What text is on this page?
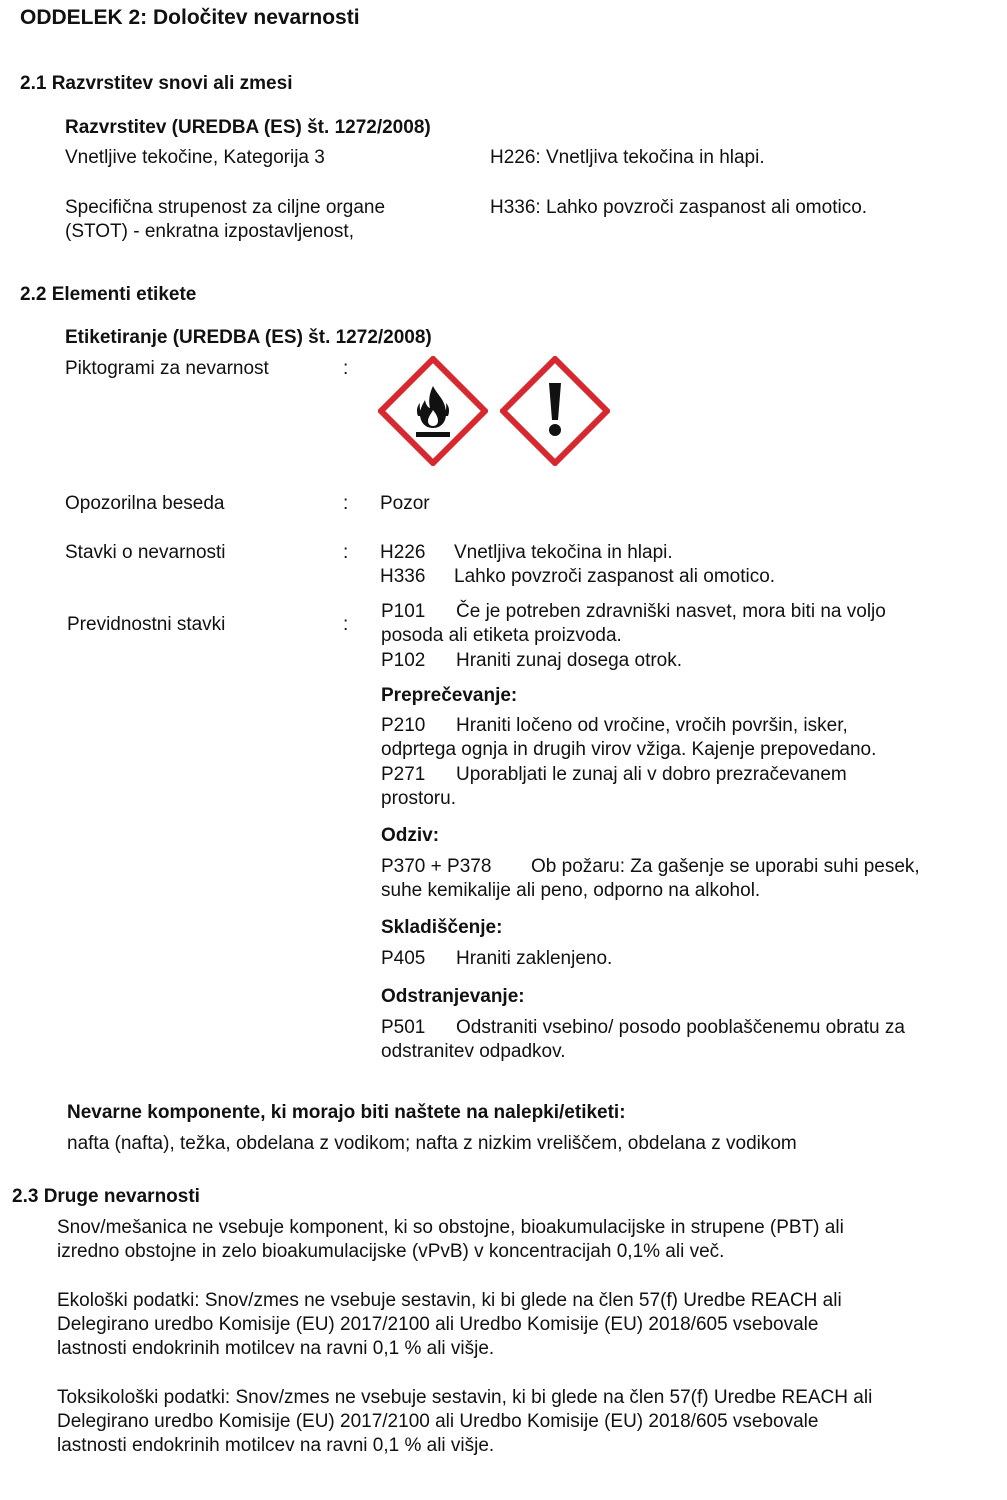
ODDELEK 2: Določitev nevarnosti
2.1 Razvrstitev snovi ali zmesi
Razvrstitev (UREDBA (ES) št. 1272/2008)
Vnetljive tekočine, Kategorija 3	H226: Vnetljiva tekočina in hlapi.
Specifična strupenost za ciljne organe
(STOT) - enkratna izpostavljenost,
H336: Lahko povzroči zaspanost ali omotico.
2.2 Elementi etikete
Etiketiranje (UREDBA (ES) št. 1272/2008)
Piktogrami za nevarnost	:
Opozorilna beseda	: Pozor
Stavki o nevarnosti	: H226 Vnetljiva tekočina in hlapi.
H336 Lahko povzroči zaspanost ali omotico.
Previdnostni stavki	:
P101 Če je potreben zdravniški nasvet, mora biti na voljo
posoda ali etiketa proizvoda.
P102 Hraniti zunaj dosega otrok.
Preprečevanje:
P210 Hraniti ločeno od vročine, vročih površin, isker,
odprtega ognja in drugih virov vžiga. Kajenje prepovedano.
P271 Uporabljati le zunaj ali v dobro prezračevanem
prostoru.
Odziv:
P370 + P378 Ob požaru: Za gašenje se uporabi suhi pesek,
suhe kemikalije ali peno, odporno na alkohol.
Skladiščenje:
P405 Hraniti zaklenjeno.
Odstranjevanje:
P501 Odstraniti vsebino/ posodo pooblaščenemu obratu za
odstranitev odpadkov.
Nevarne komponente, ki morajo biti naštete na nalepki/etiketi:
nafta (nafta), težka, obdelana z vodikom; nafta z nizkim vreliščem, obdelana z vodikom
2.3 Druge nevarnosti
Snov/mešanica ne vsebuje komponent, ki so obstojne, bioakumulacijske in strupene (PBT) ali
izredno obstojne in zelo bioakumulacijske (vPvB) v koncentracijah 0,1% ali več.
Ekološki podatki: Snov/zmes ne vsebuje sestavin, ki bi glede na člen 57(f) Uredbe REACH ali
Delegirano uredbo Komisije (EU) 2017/2100 ali Uredbo Komisije (EU) 2018/605 vsebovale
lastnosti endokrinih motilcev na ravni 0,1 % ali višje.
Toksikološki podatki: Snov/zmes ne vsebuje sestavin, ki bi glede na člen 57(f) Uredbe REACH ali
Delegirano uredbo Komisije (EU) 2017/2100 ali Uredbo Komisije (EU) 2018/605 vsebovale
lastnosti endokrinih motilcev na ravni 0,1 % ali višje.
